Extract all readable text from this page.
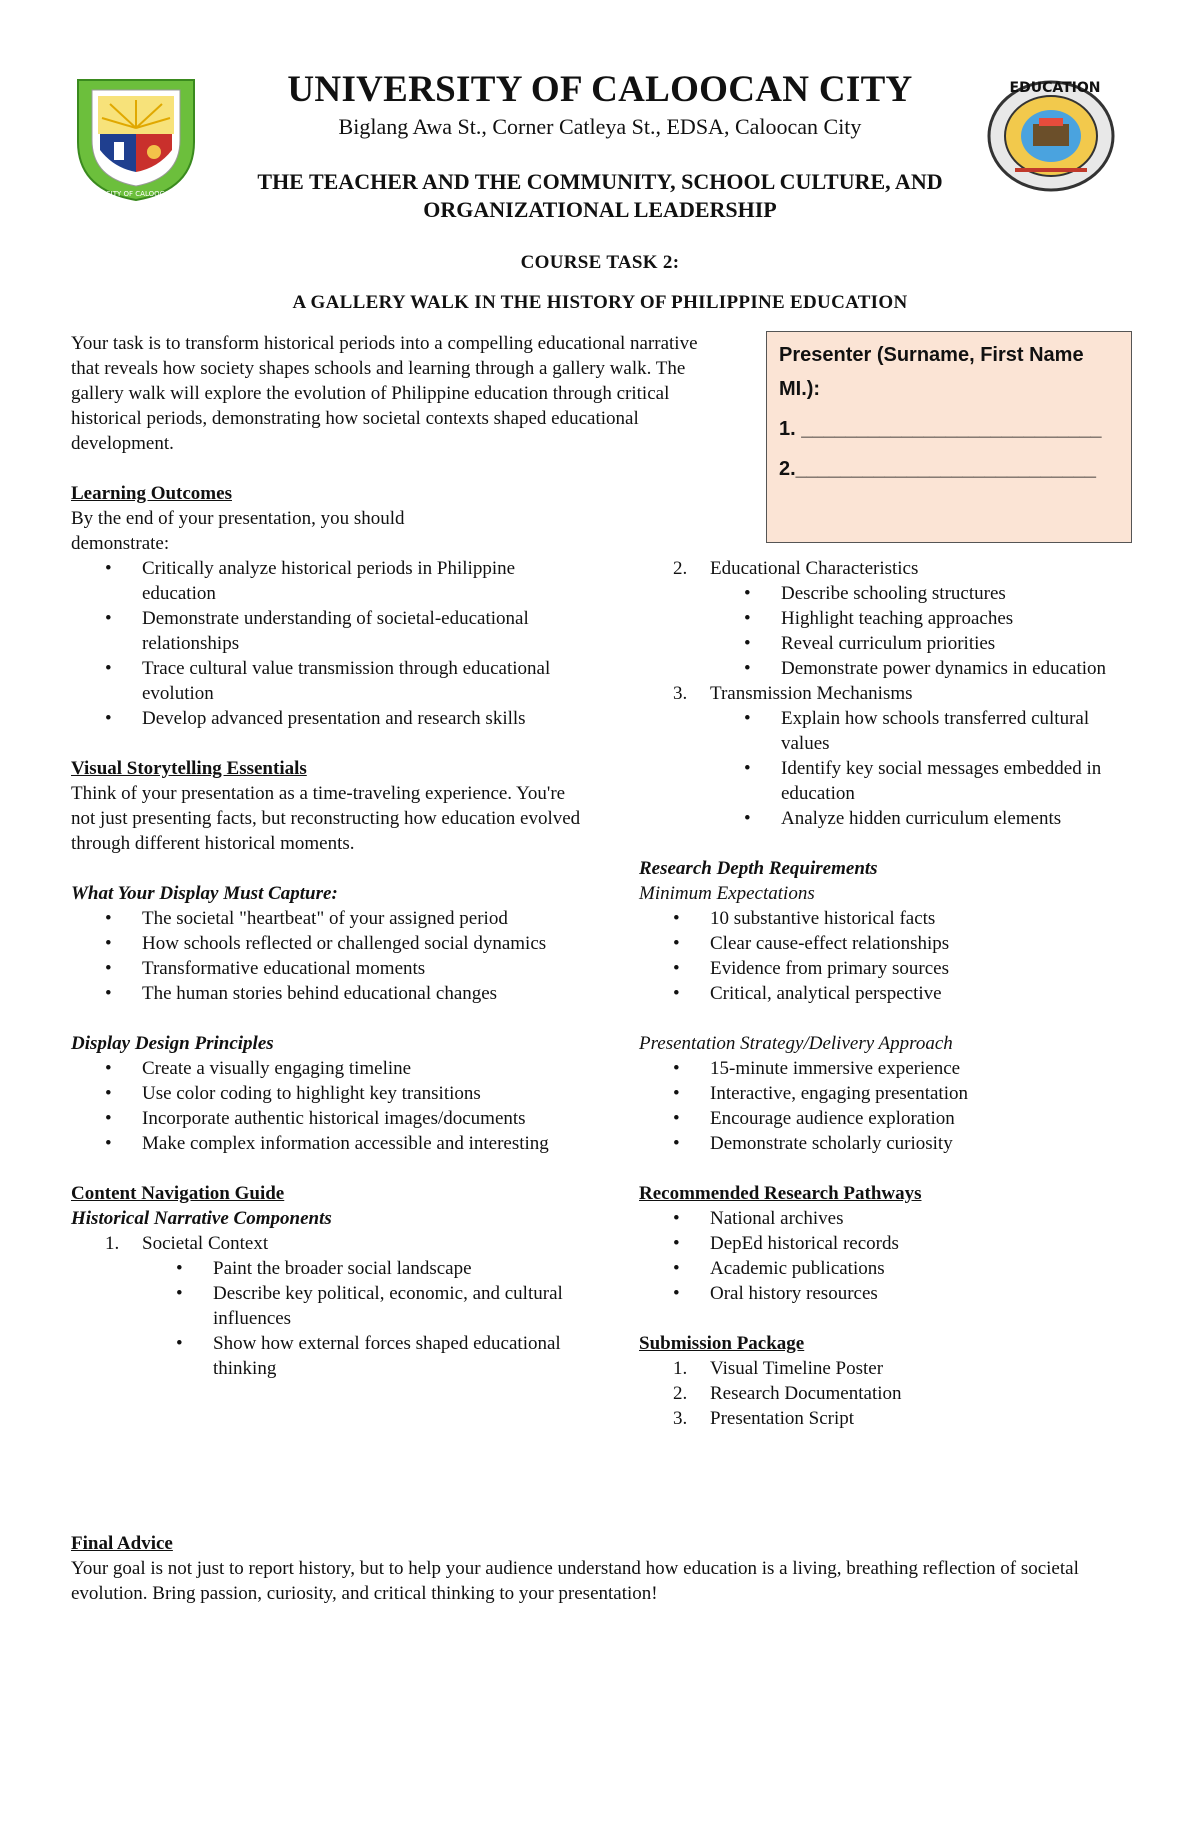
UNIVERSITY OF CALOOCAN CITY
EDUCATION
UNIVERSITY OF CALOOCAN CITY
Biglang Awa St., Corner Catleya St., EDSA, Caloocan City
THE TEACHER AND THE COMMUNITY, SCHOOL CULTURE, AND
ORGANIZATIONAL LEADERSHIP
COURSE TASK 2:
A GALLERY WALK IN THE HISTORY OF PHILIPPINE EDUCATION
Your task is to transform historical periods into a compelling educational narrative that reveals how society shapes schools and learning through a gallery walk. The gallery walk will explore the evolution of Philippine education through critical historical periods, demonstrating how societal contexts shaped educational development.
Presenter (Surname, First Name MI.):
1. ___________________________
2.___________________________
Learning Outcomes

By the end of your presentation, you should demonstrate:

• Critically analyze historical periods in Philippine education
• Demonstrate understanding of societal-educational relationships
• Trace cultural value transmission through educational evolution
• Develop advanced presentation and research skills
Visual Storytelling Essentials

Think of your presentation as a time-traveling experience. You're not just presenting facts, but reconstructing how education evolved through different historical moments.

What Your Display Must Capture:

• The societal "heartbeat" of your assigned period
• How schools reflected or challenged social dynamics
• Transformative educational moments
• The human stories behind educational changes

Display Design Principles

• Create a visually engaging timeline
• Use color coding to highlight key transitions
• Incorporate authentic historical images/documents
• Make complex information accessible and interesting
Content Navigation Guide

Historical Narrative Components

1. Societal Context
• Paint the broader social landscape
• Describe key political, economic, and cultural influences
• Show how external forces shaped educational thinking
2. Educational Characteristics
• Describe schooling structures
• Highlight teaching approaches
• Reveal curriculum priorities
• Demonstrate power dynamics in education
3. Transmission Mechanisms
• Explain how schools transferred cultural values
• Identify key social messages embedded in education
• Analyze hidden curriculum elements

Research Depth Requirements

Minimum Expectations

• 10 substantive historical facts
• Clear cause-effect relationships
• Evidence from primary sources
• Critical, analytical perspective

Presentation Strategy/Delivery Approach

• 15-minute immersive experience
• Interactive, engaging presentation
• Encourage audience exploration
• Demonstrate scholarly curiosity
Recommended Research Pathways
• National archives
• DepEd historical records
• Academic publications
• Oral history resources
Submission Package
1. Visual Timeline Poster
2. Research Documentation
3. Presentation Script
Final Advice

Your goal is not just to report history, but to help your audience understand how education is a living, breathing reflection of societal evolution. Bring passion, curiosity, and critical thinking to your presentation!
